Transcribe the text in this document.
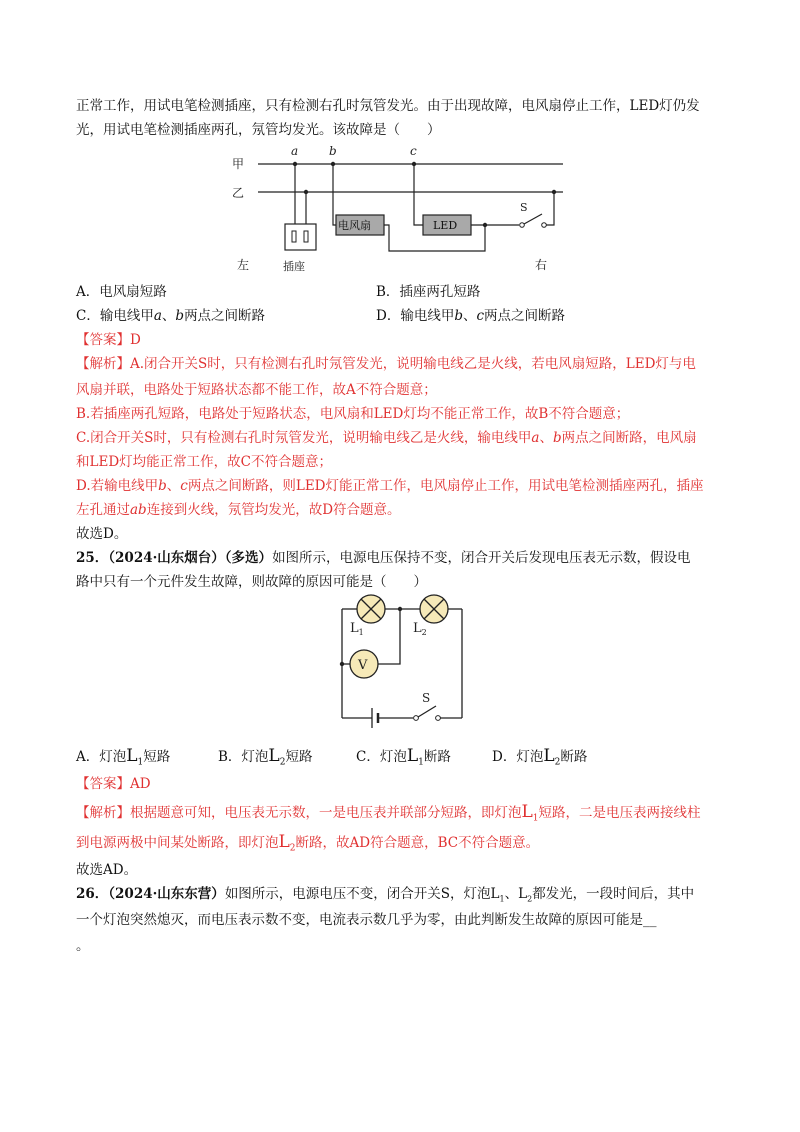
正常工作，用试电笔检测插座，只有检测右孔时氖管发光。由于出现故障，电风扇停止工作，LED灯仍发
光，用试电笔检测插座两孔，氖管均发光。该故障是（　　）
甲
乙
a	b	c
插座
电风扇	LED
S
左	右
A．电风扇短路	B．插座两孔短路
C．输电线甲a、b两点之间断路	D．输电线甲b、c两点之间断路
【答案】D
【解析】A.闭合开关S时，只有检测右孔时氖管发光，说明输电线乙是火线，若电风扇短路，LED灯与电
风扇并联，电路处于短路状态都不能工作，故A不符合题意；
B.若插座两孔短路，电路处于短路状态，电风扇和LED灯均不能正常工作，故B不符合题意；
C.闭合开关S时，只有检测右孔时氖管发光，说明输电线乙是火线，输电线甲a、b两点之间断路，电风扇
和LED灯均能正常工作，故C不符合题意；
D.若输电线甲b、c两点之间断路，则LED灯能正常工作，电风扇停止工作，用试电笔检测插座两孔，插座
左孔通过ab连接到火线，氖管均发光，故D符合题意。
故选D。
25．（2024·山东烟台）（多选）如图所示，电源电压保持不变，闭合开关后发现电压表无示数，假设电
路中只有一个元件发生故障，则故障的原因可能是（　　）
$L_1$	$L_2$
V
S
A．灯泡$L_1$短路	B．灯泡$L_2$短路	C．灯泡$L_1$断路	D．灯泡$L_2$断路
【答案】AD
【解析】根据题意可知，电压表无示数，一是电压表并联部分短路，即灯泡$L_1$短路，二是电压表两接线柱
到电源两极中间某处断路，即灯泡$L_2$断路，故AD符合题意，BC不符合题意。
故选AD。
26．（2024·山东东营）如图所示，电源电压不变，闭合开关S，灯泡$L_1$、$L_2$都发光，一段时间后，其中
一个灯泡突然熄灭，而电压表示数不变，电流表示数几乎为零，由此判断发生故障的原因可能是__
。
